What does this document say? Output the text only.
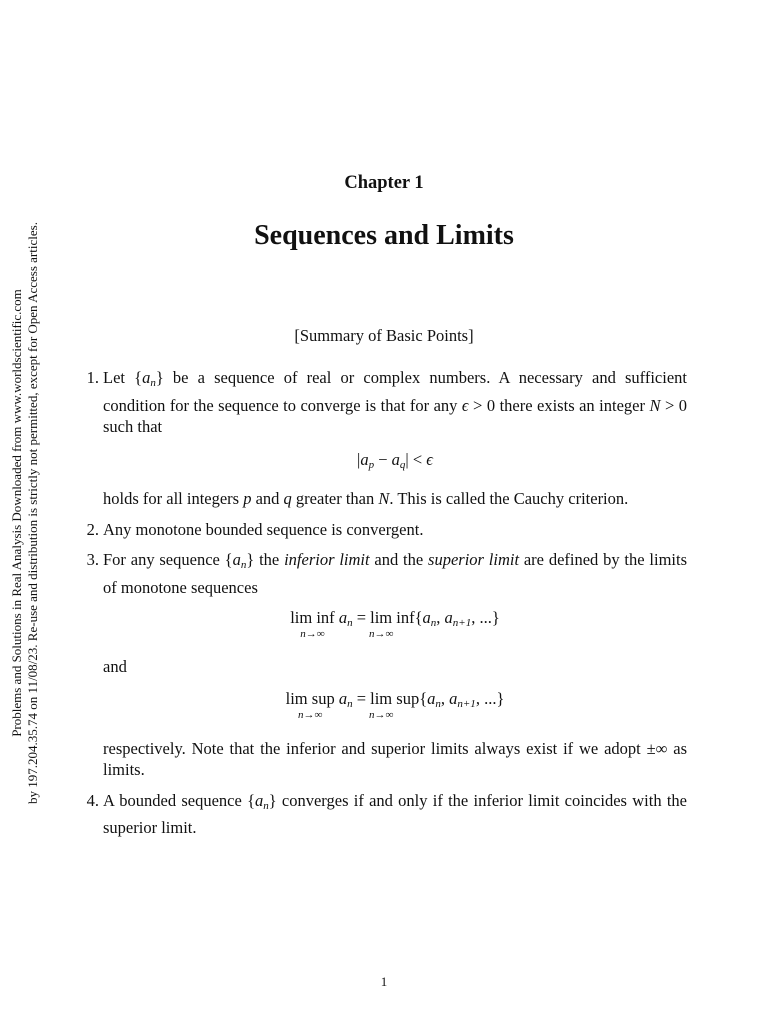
Problems and Solutions in Real Analysis Downloaded from www.worldscientific.com by 197.204.35.74 on 11/08/23. Re-use and distribution is strictly not permitted, except for Open Access articles.
Chapter 1
Sequences and Limits
[Summary of Basic Points]
1. Let $\{a_n\}$ be a sequence of real or complex numbers. A necessary and sufficient condition for the sequence to converge is that for any ϵ > 0 there exists an integer N > 0 such that
$|a_p - a_q| < \epsilon$
holds for all integers p and q greater than N. This is called the Cauchy criterion.
2. Any monotone bounded sequence is convergent.
3. For any sequence $\{a_n\}$ the inferior limit and the superior limit are defined by the limits of monotone sequences
lim inf
n→∞
$a_n = \lim$
n→∞
$inf\{a_n$, $a_{n+1}$, ...}
and
lim sup
n→∞
$a_n = \lim$
n→∞
$sup\{a_n$, $a_{n+1}$, ...}
respectively. Note that the inferior and superior limits always exist if we adopt ±∞ as limits.
4. A bounded sequence $\{a_n\}$ converges if and only if the inferior limit coincides with the superior limit.
1
